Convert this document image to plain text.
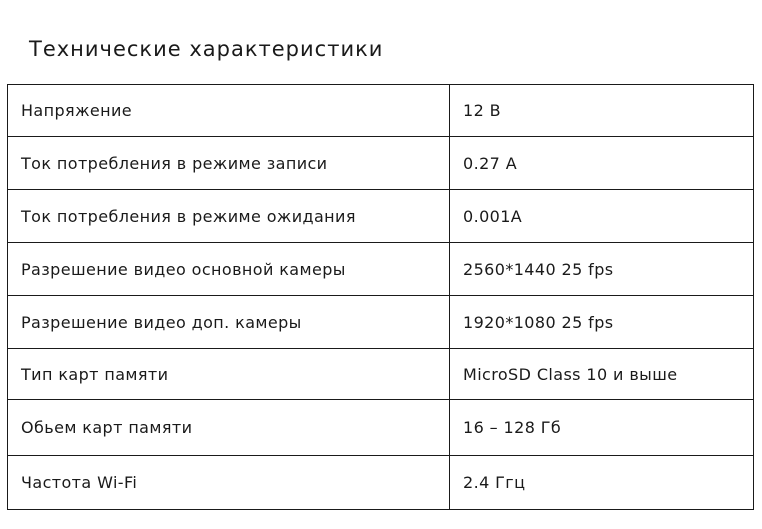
Технические характеристики
Напряжение	12 В
Ток потребления в режиме записи	0.27 А
Ток потребления в режиме ожидания	0.001А
Разрешение видео основной камеры	2560*1440 25 fps
Разрешение видео доп. камеры	1920*1080 25 fps
Тип карт памяти	MicroSD Class 10 и выше
Обьем карт памяти	16 – 128 Гб
Частота Wi-Fi	2.4 Ггц
